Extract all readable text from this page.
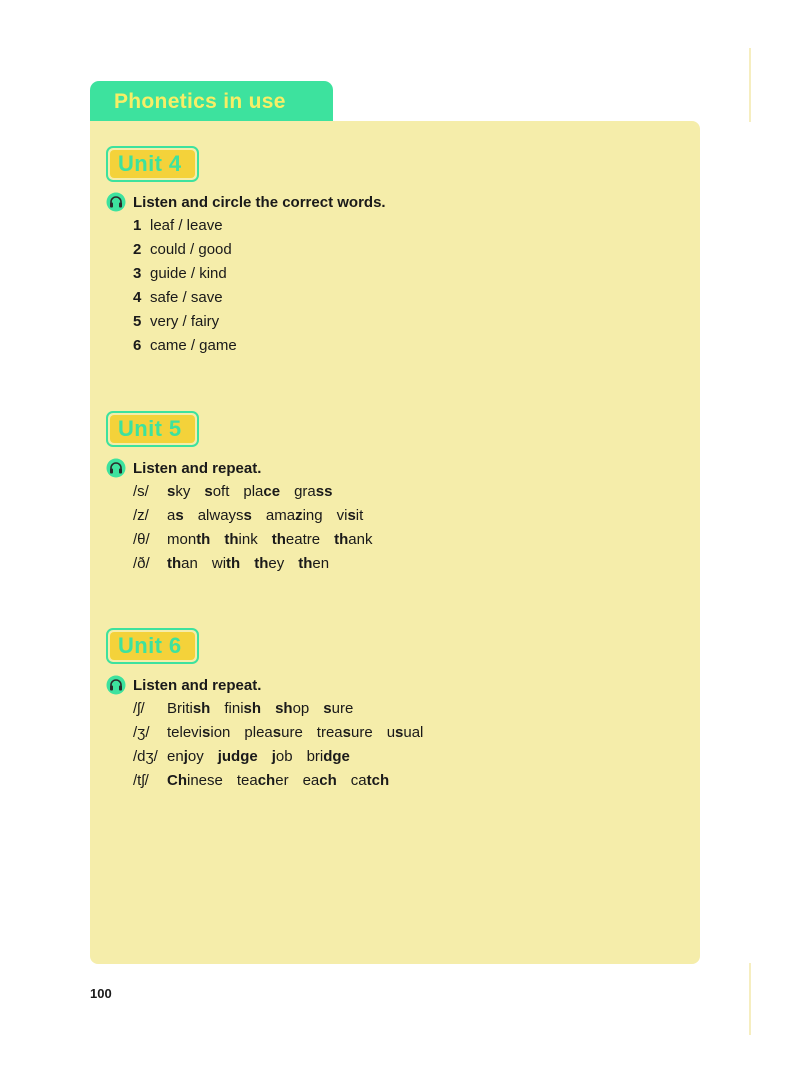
Phonetics in use
Unit 4
Listen and circle the correct words.
1 leaf / leave
2 could / good
3 guide / kind
4 safe / save
5 very / fairy
6 came / game
Unit 5
Listen and repeat.
/s/ sky soft place grass
/z/ as alwayss amazing visit
/θ/ month think theatre thank
/ð/ than with they then
Unit 6
Listen and repeat.
/ʃ/ British finish shop sure
/ʒ/ television pleasure treasure usual
/dʒ/ enjoy judge job bridge
/tʃ/ Chinese teacher each catch
100
